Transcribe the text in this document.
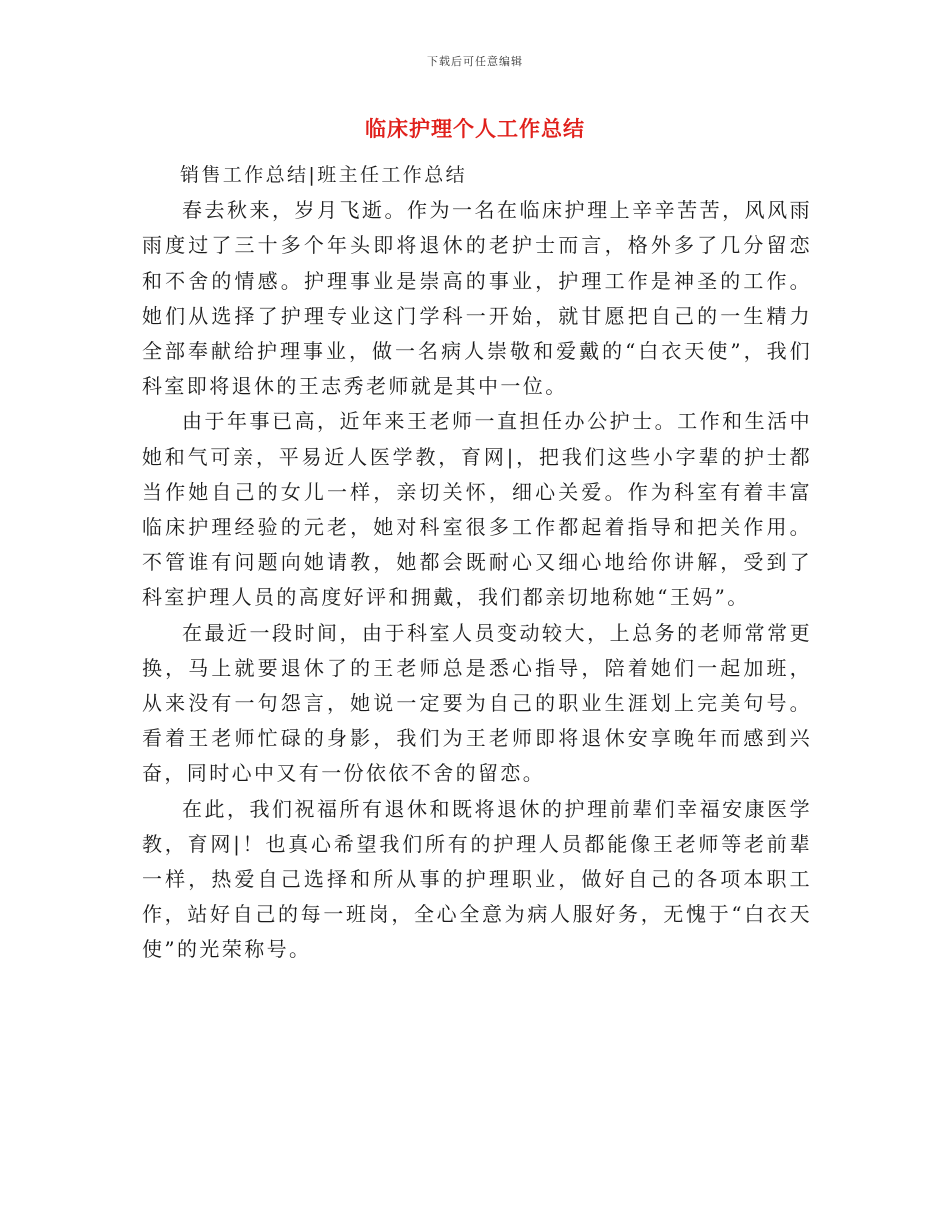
下载后可任意编辑
临床护理个人工作总结

销售工作总结|班主任工作总结

春去秋来，岁月飞逝。作为一名在临床护理上辛辛苦苦，风风雨雨度过了三十多个年头即将退休的老护士而言，格外多了几分留恋和不舍的情感。护理事业是崇高的事业，护理工作是神圣的工作。她们从选择了护理专业这门学科一开始，就甘愿把自己的一生精力全部奉献给护理事业，做一名病人崇敬和爱戴的“白衣天使”，我们科室即将退休的王志秀老师就是其中一位。

由于年事已高，近年来王老师一直担任办公护士。工作和生活中她和气可亲，平易近人医学教，育网|，把我们这些小字辈的护士都当作她自己的女儿一样，亲切关怀，细心关爱。作为科室有着丰富临床护理经验的元老，她对科室很多工作都起着指导和把关作用。不管谁有问题向她请教，她都会既耐心又细心地给你讲解，受到了科室护理人员的高度好评和拥戴，我们都亲切地称她“王妈”。

在最近一段时间，由于科室人员变动较大，上总务的老师常常更换，马上就要退休了的王老师总是悉心指导，陪着她们一起加班，从来没有一句怨言，她说一定要为自己的职业生涯划上完美句号。看着王老师忙碌的身影，我们为王老师即将退休安享晚年而感到兴奋，同时心中又有一份依依不舍的留恋。

在此，我们祝福所有退休和既将退休的护理前辈们幸福安康医学教，育网|！也真心希望我们所有的护理人员都能像王老师等老前辈一样，热爱自己选择和所从事的护理职业，做好自己的各项本职工作，站好自己的每一班岗，全心全意为病人服好务，无愧于“白衣天使”的光荣称号。
